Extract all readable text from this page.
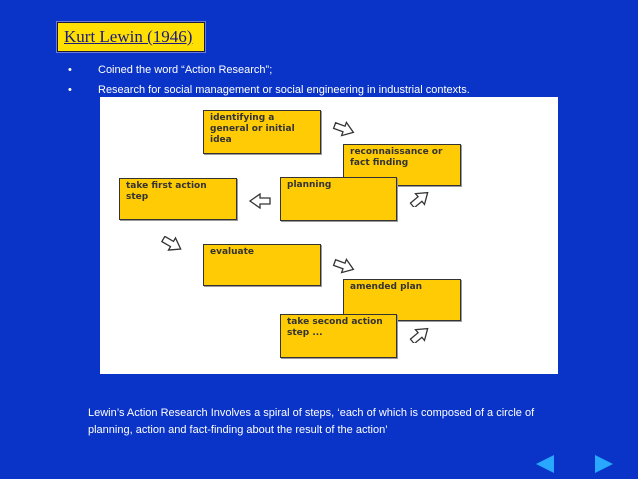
Kurt Lewin (1946)
• Coined the word “Action Research”;
• Research for social management or social engineering in industrial contexts.
identifying a general or initial idea
reconnaissance or fact finding
planning
take first action step
evaluate
amended plan
take second action step ...
Lewin’s Action Research Involves a spiral of steps, ‘each of which is composed of a circle of planning, action and fact-finding about the result of the action’
